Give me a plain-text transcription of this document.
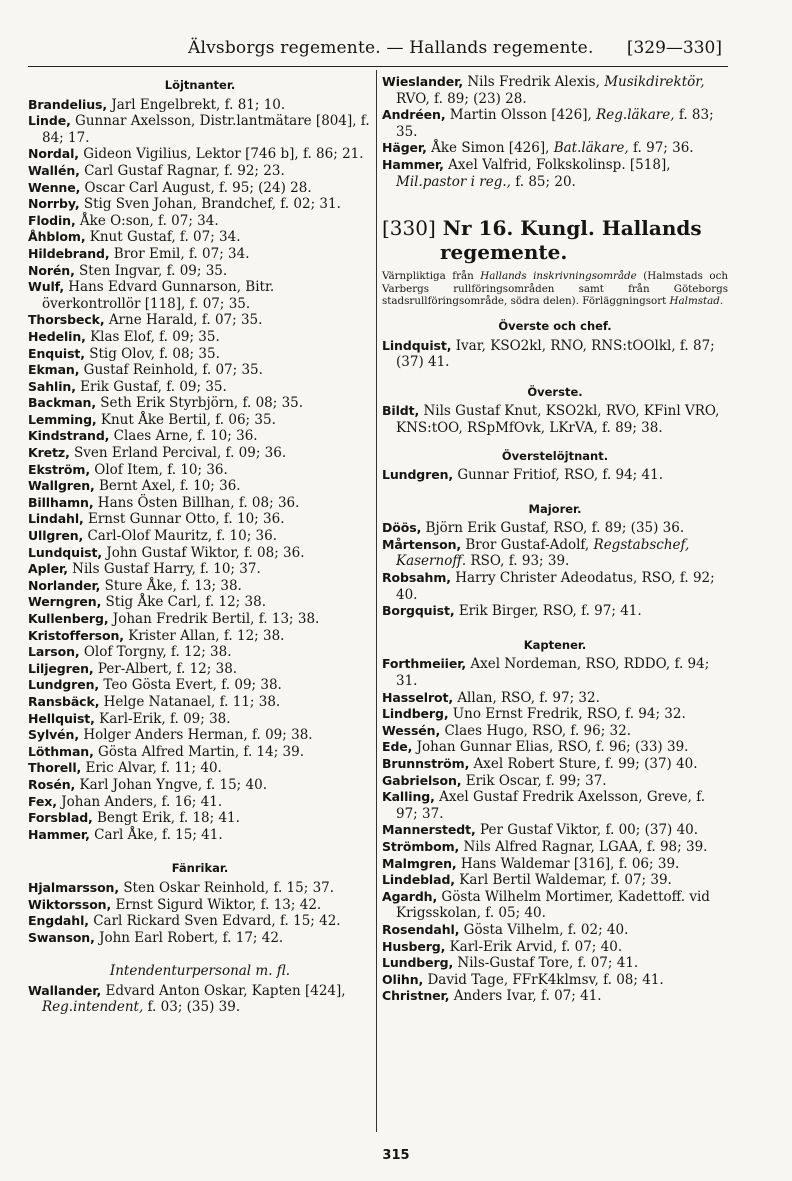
Älvsborgs regemente. — Hallands regemente. [329—330]
Löjtnanter.
Brandelius, Jarl Engelbrekt, f. 81; 10.
Linde, Gunnar Axelsson, Distr.lantmätare [804], f. 84; 17.
Nordal, Gideon Vigilius, Lektor [746 b], f. 86; 21.
Wallén, Carl Gustaf Ragnar, f. 92; 23.
Wenne, Oscar Carl August, f. 95; (24) 28.
Norrby, Stig Sven Johan, Brandchef, f. 02; 31.
Flodin, Åke O:son, f. 07; 34.
Åhblom, Knut Gustaf, f. 07; 34.
Hildebrand, Bror Emil, f. 07; 34.
Norén, Sten Ingvar, f. 09; 35.
Wulf, Hans Edvard Gunnarson, Bitr. överkontrollör [118], f. 07; 35.
Thorsbeck, Arne Harald, f. 07; 35.
Hedelin, Klas Elof, f. 09; 35.
Enquist, Stig Olov, f. 08; 35.
Ekman, Gustaf Reinhold, f. 07; 35.
Sahlin, Erik Gustaf, f. 09; 35.
Backman, Seth Erik Styrbjörn, f. 08; 35.
Lemming, Knut Åke Bertil, f. 06; 35.
Kindstrand, Claes Arne, f. 10; 36.
Kretz, Sven Erland Percival, f. 09; 36.
Ekström, Olof Item, f. 10; 36.
Wallgren, Bernt Axel, f. 10; 36.
Billhamn, Hans Östen Billhan, f. 08; 36.
Lindahl, Ernst Gunnar Otto, f. 10; 36.
Ullgren, Carl-Olof Mauritz, f. 10; 36.
Lundquist, John Gustaf Wiktor, f. 08; 36.
Apler, Nils Gustaf Harry, f. 10; 37.
Norlander, Sture Åke, f. 13; 38.
Werngren, Stig Åke Carl, f. 12; 38.
Kullenberg, Johan Fredrik Bertil, f. 13; 38.
Kristofferson, Krister Allan, f. 12; 38.
Larson, Olof Torgny, f. 12; 38.
Liljegren, Per-Albert, f. 12; 38.
Lundgren, Teo Gösta Evert, f. 09; 38.
Ransbäck, Helge Natanael, f. 11; 38.
Hellquist, Karl-Erik, f. 09; 38.
Sylvén, Holger Anders Herman, f. 09; 38.
Löthman, Gösta Alfred Martin, f. 14; 39.
Thorell, Eric Alvar, f. 11; 40.
Rosén, Karl Johan Yngve, f. 15; 40.
Fex, Johan Anders, f. 16; 41.
Forsblad, Bengt Erik, f. 18; 41.
Hammer, Carl Åke, f. 15; 41.
Fänrikar.
Hjalmarsson, Sten Oskar Reinhold, f. 15; 37.
Wiktorsson, Ernst Sigurd Wiktor, f. 13; 42.
Engdahl, Carl Rickard Sven Edvard, f. 15; 42.
Swanson, John Earl Robert, f. 17; 42.
Intendenturpersonal m. fl.
Wallander, Edvard Anton Oskar, Kapten [424], Reg.intendent, f. 03; (35) 39.
Wieslander, Nils Fredrik Alexis, Musikdirektör, RVO, f. 89; (23) 28.
Andréen, Martin Olsson [426], Reg.läkare, f. 83; 35.
Häger, Åke Simon [426], Bat.läkare, f. 97; 36.
Hammer, Axel Valfrid, Folkskolinsp. [518], Mil.pastor i reg., f. 85; 20.
[330] Nr 16. Kungl. Hallands regemente.
Värnpliktiga från Hallands inskrivningsområde (Halmstads och Varbergs rullföringsområden samt från Göteborgs stadsrullföringsområde, södra delen). Förläggningsort Halmstad.
Överste och chef.
Lindquist, Ivar, KSO2kl, RNO, RNS:tOOlkl, f. 87; (37) 41.
Överste.
Bildt, Nils Gustaf Knut, KSO2kl, RVO, KFinl VRO, KNS:tOO, RSpMfOvk, LKrVA, f. 89; 38.
Överstelöjtnant.
Lundgren, Gunnar Fritiof, RSO, f. 94; 41.
Majorer.
Döös, Björn Erik Gustaf, RSO, f. 89; (35) 36.
Mårtenson, Bror Gustaf-Adolf, Regstabschef, Kasernoff. RSO, f. 93; 39.
Robsahm, Harry Christer Adeodatus, RSO, f. 92; 40.
Borgquist, Erik Birger, RSO, f. 97; 41.
Kaptener.
Forthmeiier, Axel Nordeman, RSO, RDDO, f. 94; 31.
Hasselrot, Allan, RSO, f. 97; 32.
Lindberg, Uno Ernst Fredrik, RSO, f. 94; 32.
Wessén, Claes Hugo, RSO, f. 96; 32.
Ede, Johan Gunnar Elias, RSO, f. 96; (33) 39.
Brunnström, Axel Robert Sture, f. 99; (37) 40.
Gabrielson, Erik Oscar, f. 99; 37.
Kalling, Axel Gustaf Fredrik Axelsson, Greve, f. 97; 37.
Mannerstedt, Per Gustaf Viktor, f. 00; (37) 40.
Strömbom, Nils Alfred Ragnar, LGAA, f. 98; 39.
Malmgren, Hans Waldemar [316], f. 06; 39.
Lindeblad, Karl Bertil Waldemar, f. 07; 39.
Agardh, Gösta Wilhelm Mortimer, Kadettoff. vid Krigsskolan, f. 05; 40.
Rosendahl, Gösta Vilhelm, f. 02; 40.
Husberg, Karl-Erik Arvid, f. 07; 40.
Lundberg, Nils-Gustaf Tore, f. 07; 41.
Olihn, David Tage, FFrK4klmsv, f. 08; 41.
Christner, Anders Ivar, f. 07; 41.
315
